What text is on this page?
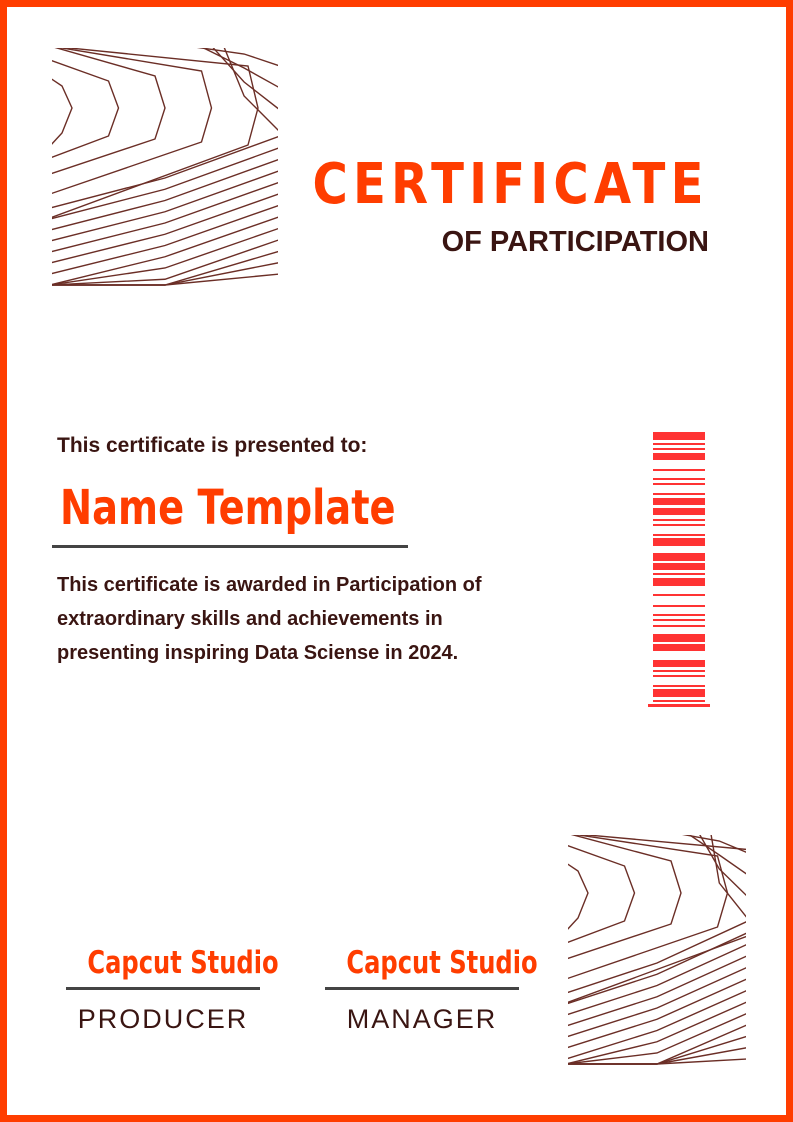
CERTIFICATE
OF PARTICIPATION
This certificate is presented to:
Name Template
This certificate is awarded in Participation of extraordinary skills and achievements in presenting inspiring Data Sciense in 2024.
Capcut Studio
PRODUCER
Capcut Studio
MANAGER
